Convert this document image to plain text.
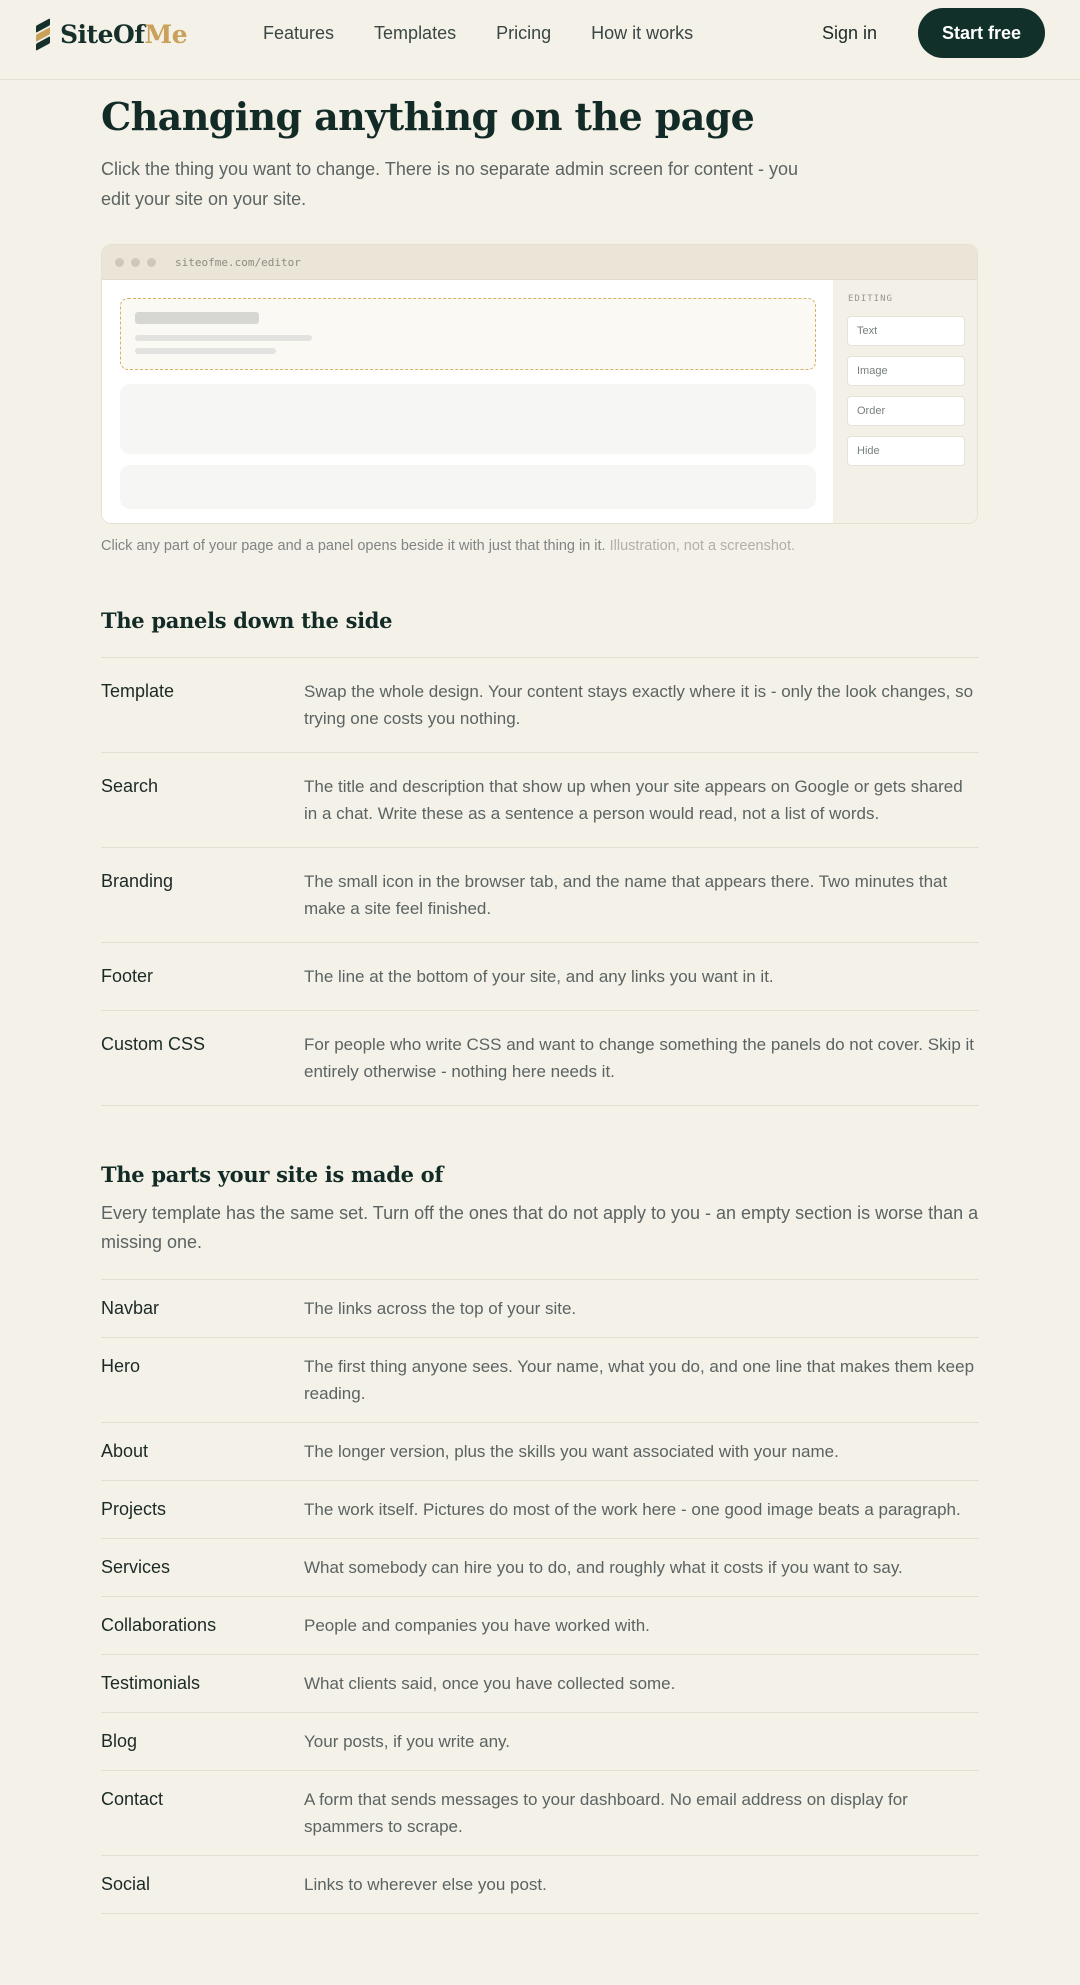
SiteOfMe	Features Templates Pricing How it works	Sign in	Start free
Changing anything on the page

Click the thing you want to change. There is no separate admin screen for content - you edit your site on your site.

siteofme.com/editor
EDITING
Text
Image
Order
Hide

Click any part of your page and a panel opens beside it with just that thing in it. Illustration, not a screenshot.

The panels down the side
Template	Swap the whole design. Your content stays exactly where it is - only the look changes, so trying one costs you nothing.
Search	The title and description that show up when your site appears on Google or gets shared in a chat. Write these as a sentence a person would read, not a list of words.
Branding	The small icon in the browser tab, and the name that appears there. Two minutes that make a site feel finished.
Footer	The line at the bottom of your site, and any links you want in it.
Custom CSS	For people who write CSS and want to change something the panels do not cover. Skip it entirely otherwise - nothing here needs it.
The parts your site is made of

Every template has the same set. Turn off the ones that do not apply to you - an empty section is worse than a missing one.

Navbar	The links across the top of your site.
Hero	The first thing anyone sees. Your name, what you do, and one line that makes them keep reading.
About	The longer version, plus the skills you want associated with your name.
Projects	The work itself. Pictures do most of the work here - one good image beats a paragraph.
Services	What somebody can hire you to do, and roughly what it costs if you want to say.
Collaborations	People and companies you have worked with.
Testimonials	What clients said, once you have collected some.
Blog	Your posts, if you write any.
Contact	A form that sends messages to your dashboard. No email address on display for spammers to scrape.
Social	Links to wherever else you post.
